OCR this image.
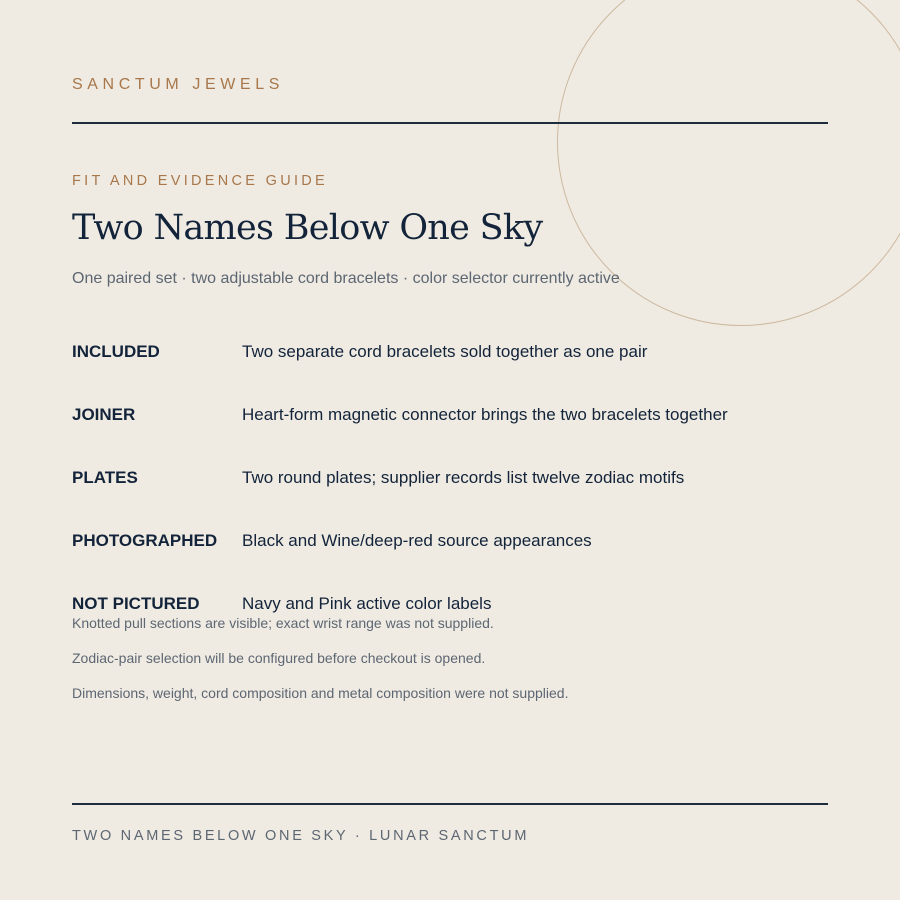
SANCTUM JEWELS
FIT AND EVIDENCE GUIDE
Two Names Below One Sky
One paired set · two adjustable cord bracelets · color selector currently active
INCLUDED	Two separate cord bracelets sold together as one pair
JOINER	Heart-form magnetic connector brings the two bracelets together
PLATES	Two round plates; supplier records list twelve zodiac motifs
PHOTOGRAPHED Black and Wine/deep-red source appearances
NOT PICTURED	Navy and Pink active color labels
Knotted pull sections are visible; exact wrist range was not supplied.
Zodiac-pair selection will be configured before checkout is opened.
Dimensions, weight, cord composition and metal composition were not supplied.
TWO NAMES BELOW ONE SKY · LUNAR SANCTUM
